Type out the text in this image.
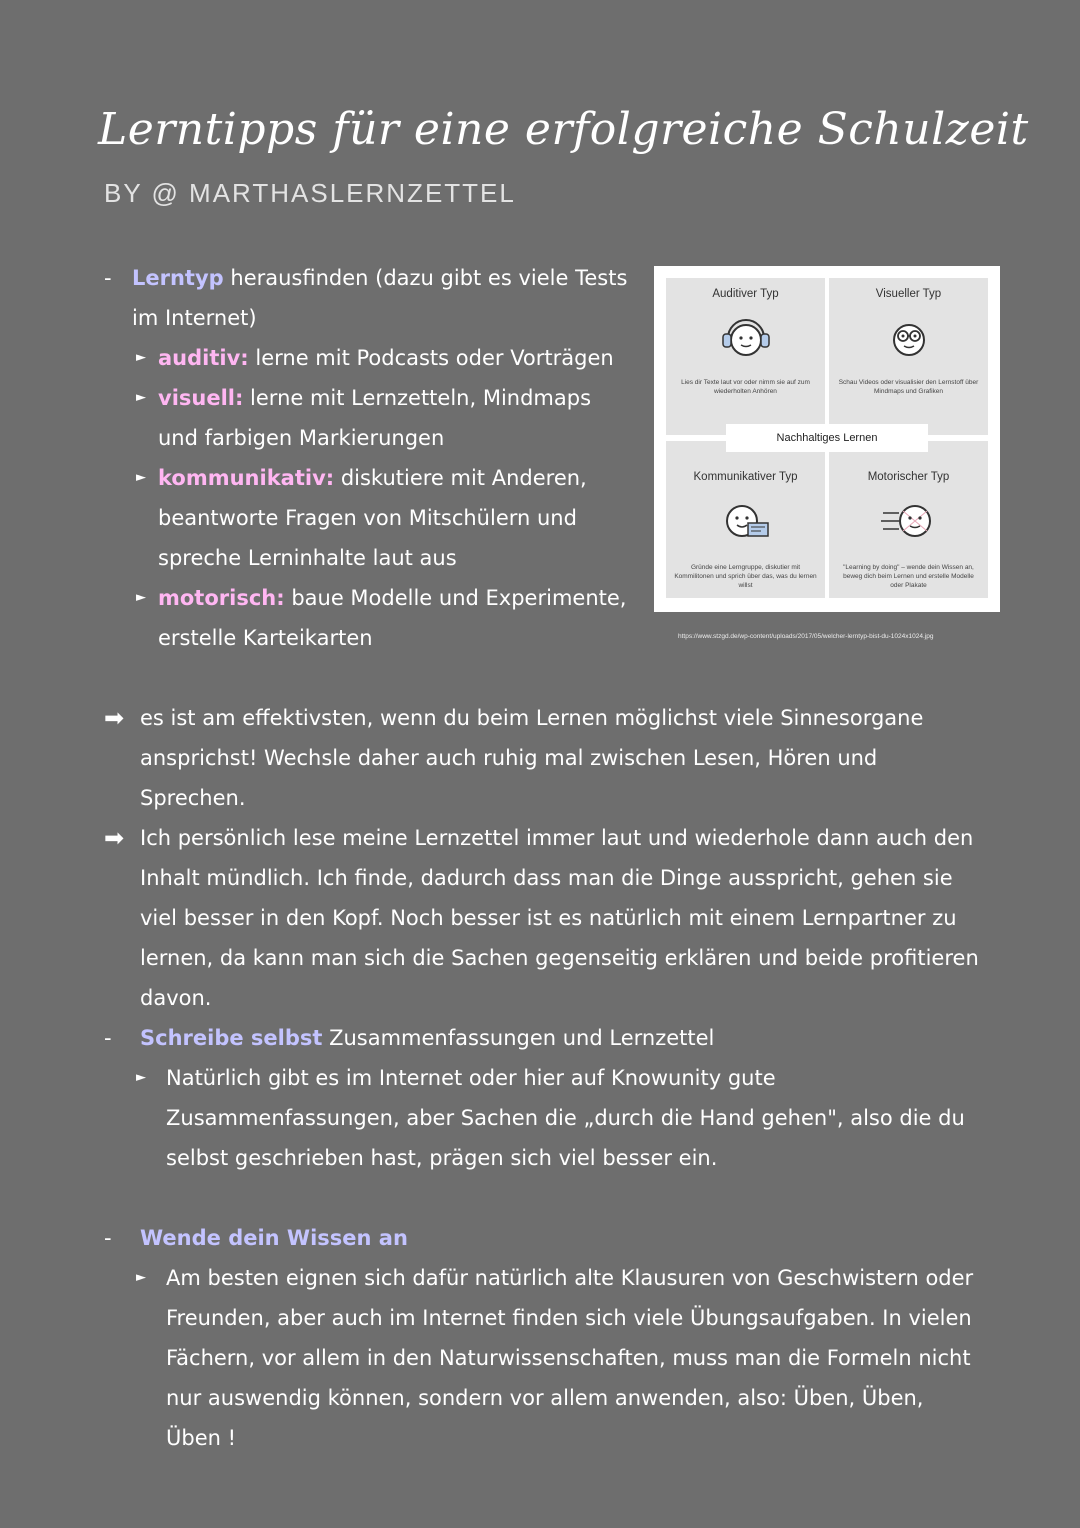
Lerntipps für eine erfolgreiche Schulzeit
BY @ MARTHASLERNZETTEL
- Lerntyp herausfinden (dazu gibt es viele Tests im Internet)

► auditiv: lerne mit Podcasts oder Vorträgen
► visuell: lerne mit Lernzetteln, Mindmaps und farbigen Markierungen
► kommunikativ: diskutiere mit Anderen, beantworte Fragen von Mitschülern und spreche Lerninhalte laut aus
► motorisch: baue Modelle und Experimente, erstelle Karteikarten
Auditiver Typ
Lies dir Texte laut vor oder nimm sie auf zum wiederholten Anhören
Visueller Typ
Schau Videos oder visualisier den Lernstoff über Mindmaps und Grafiken
Kommunikativer Typ
Gründe eine Lerngruppe, diskutier mit Kommilitonen und sprich über das, was du lernen willst
Motorischer Typ
"Learning by doing" – wende dein Wissen an, beweg dich beim Lernen und erstelle Modelle oder Plakate
Nachhaltiges Lernen
https://www.stzgd.de/wp-content/uploads/2017/05/welcher-lerntyp-bist-du-1024x1024.jpg
➡ es ist am effektivsten, wenn du beim Lernen möglichst viele Sinnesorgane ansprichst! Wechsle daher auch ruhig mal zwischen Lesen, Hören und Sprechen.

➡ Ich persönlich lese meine Lernzettel immer laut und wiederhole dann auch den Inhalt mündlich. Ich finde, dadurch dass man die Dinge ausspricht, gehen sie viel besser in den Kopf. Noch besser ist es natürlich mit einem Lernpartner zu lernen, da kann man sich die Sachen gegenseitig erklären und beide profitieren davon.

-	Schreibe selbst Zusammenfassungen und Lernzettel

► Natürlich gibt es im Internet oder hier auf Knowunity gute Zusammenfassungen, aber Sachen die „durch die Hand gehen", also die du selbst geschrieben hast, prägen sich viel besser ein.

-	Wende dein Wissen an

► Am besten eignen sich dafür natürlich alte Klausuren von Geschwistern oder Freunden, aber auch im Internet finden sich viele Übungsaufgaben. In vielen Fächern, vor allem in den Naturwissenschaften, muss man die Formeln nicht nur auswendig können, sondern vor allem anwenden, also: Üben, Üben, Üben !
